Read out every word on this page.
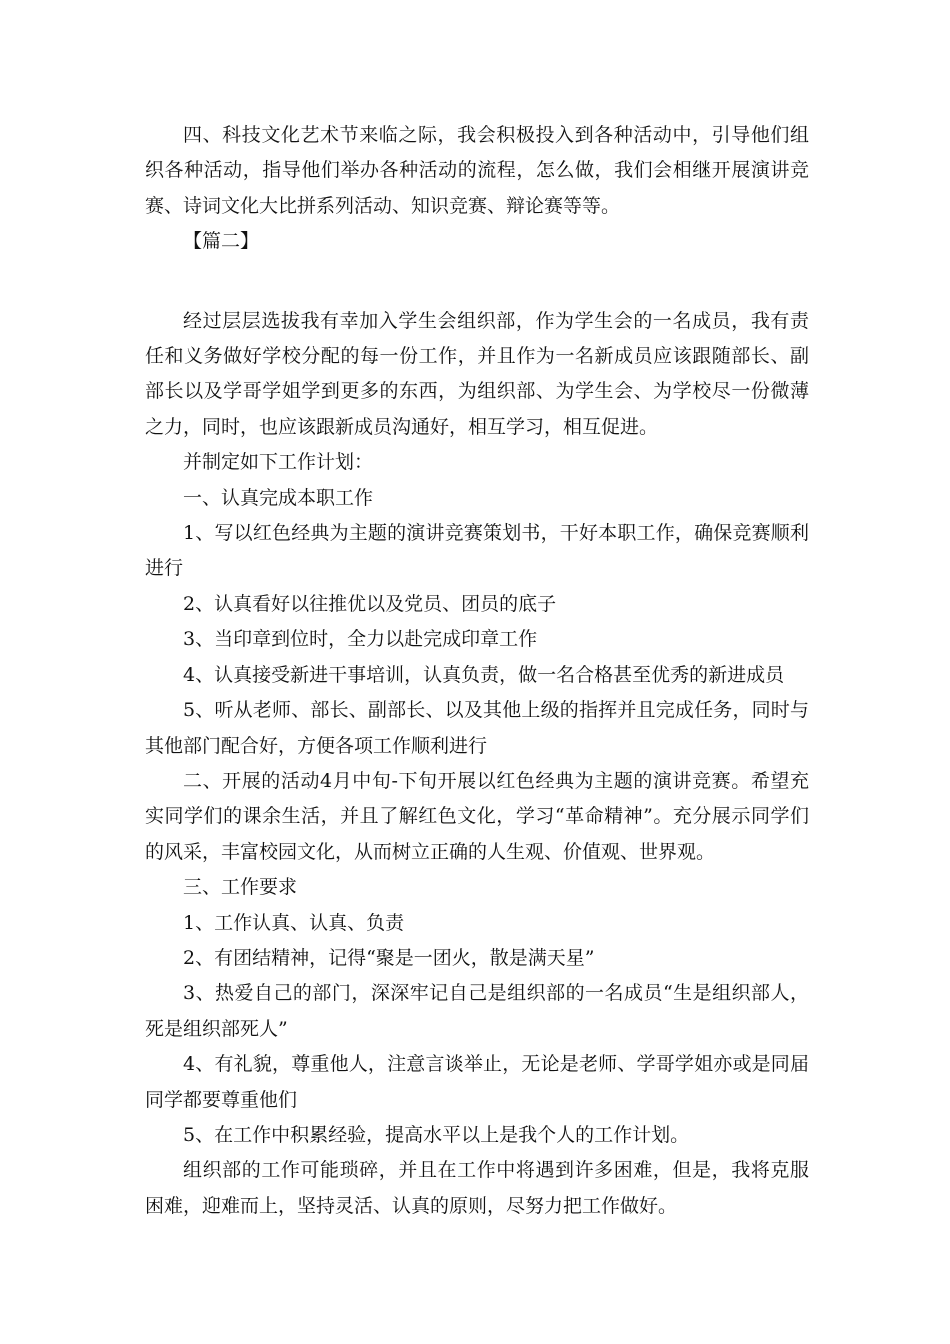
四、科技文化艺术节来临之际，我会积极投入到各种活动中，引导他们组织各种活动，指导他们举办各种活动的流程，怎么做，我们会相继开展演讲竞赛、诗词文化大比拼系列活动、知识竞赛、辩论赛等等。

【篇二】

经过层层选拔我有幸加入学生会组织部，作为学生会的一名成员，我有责任和义务做好学校分配的每一份工作，并且作为一名新成员应该跟随部长、副部长以及学哥学姐学到更多的东西，为组织部、为学生会、为学校尽一份微薄之力，同时，也应该跟新成员沟通好，相互学习，相互促进。

并制定如下工作计划：

一、认真完成本职工作

1、写以红色经典为主题的演讲竞赛策划书，干好本职工作，确保竞赛顺利进行

2、认真看好以往推优以及党员、团员的底子

3、当印章到位时，全力以赴完成印章工作

4、认真接受新进干事培训，认真负责，做一名合格甚至优秀的新进成员

5、听从老师、部长、副部长、以及其他上级的指挥并且完成任务，同时与其他部门配合好，方便各项工作顺利进行

二、开展的活动4月中旬-下旬开展以红色经典为主题的演讲竞赛。希望充实同学们的课余生活，并且了解红色文化，学习“革命精神”。充分展示同学们的风采，丰富校园文化，从而树立正确的人生观、价值观、世界观。

三、工作要求

1、工作认真、认真、负责

2、有团结精神，记得“聚是一团火，散是满天星”

3、热爱自己的部门，深深牢记自己是组织部的一名成员“生是组织部人，死是组织部死人”

4、有礼貌，尊重他人，注意言谈举止，无论是老师、学哥学姐亦或是同届同学都要尊重他们

5、在工作中积累经验，提高水平以上是我个人的工作计划。

组织部的工作可能琐碎，并且在工作中将遇到许多困难，但是，我将克服困难，迎难而上，坚持灵活、认真的原则，尽努力把工作做好。
